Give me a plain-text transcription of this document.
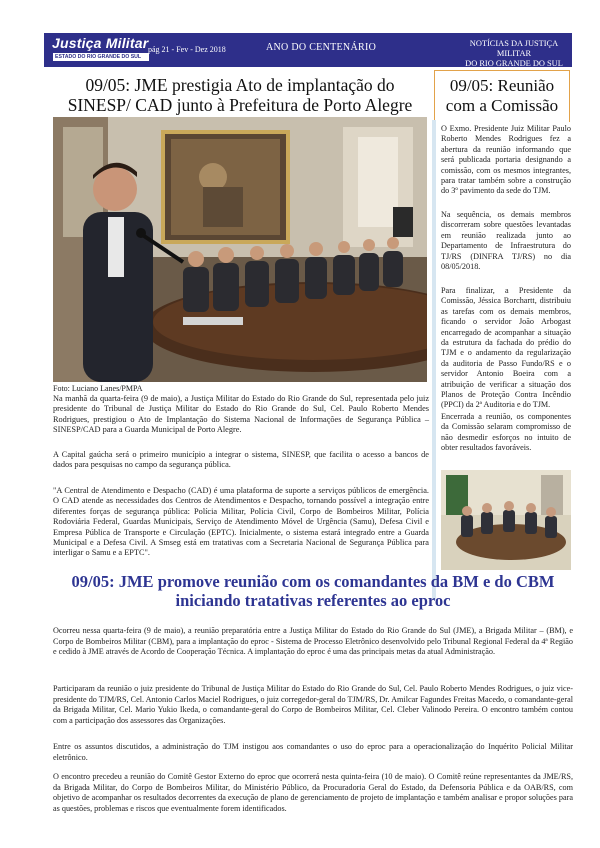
Justiça Militar
ESTADO DO RIO GRANDE DO SUL
pág 21 - Fev - Dez 2018	ANO DO CENTENÁRIO	NOTÍCIAS DA JUSTIÇA MILITAR
DO RIO GRANDE DO SUL
09/05: JME prestigia Ato de implantação do SINESP/ CAD junto à Prefeitura de Porto Alegre
Foto: Luciano Lanes/PMPA
Na manhã da quarta-feira (9 de maio), a Justiça Militar do Estado do Rio Grande do Sul, representada pelo juiz presidente do Tribunal de Justiça Militar do Estado do Rio Grande do Sul, Cel. Paulo Roberto Mendes Rodrigues, prestigiou o Ato de Implantação do Sistema Nacional de Informações de Segurança Pública – SINESP/CAD para a Guarda Municipal de Porto Alegre.
A Capital gaúcha será o primeiro município a integrar o sistema, SINESP, que facilita o acesso a bancos de dados para pesquisas no campo da segurança pública.
"A Central de Atendimento e Despacho (CAD) é uma plataforma de suporte a serviços públicos de emergência. O CAD atende as necessidades dos Centros de Atendimentos e Despacho, tornando possível a integração entre diferentes forças de segurança pública: Polícia Militar, Polícia Civil, Corpo de Bombeiros Militar, Polícia Rodoviária Federal, Guardas Municipais, Serviço de Atendimento Móvel de Urgência (Samu), Defesa Civil e Empresa Pública de Transporte e Circulação (EPTC). Inicialmente, o sistema estará integrado entre a Guarda Municipal e a Defesa Civil. A Smseg está em tratativas com a Secretaria Nacional de Segurança Pública para interligar o Samu e a EPTC".
09/05: Reunião com a Comissão
O Exmo. Presidente Juiz Militar Paulo Roberto Mendes Rodrigues fez a abertura da reunião informando que será publicada portaria designando a comissão, com os mesmos integrantes, para tratar também sobre a construção do 3º pavimento da sede do TJM.
Na sequência, os demais membros discorreram sobre questões levantadas em reunião realizada junto ao Departamento de Infraestrutura do TJ/RS (DINFRA TJ/RS) no dia 08/05/2018.
Para finalizar, a Presidente da Comissão, Jéssica Borchartt, distribuiu as tarefas com os demais membros, ficando o servidor João Arbogast encarregado de acompanhar a situação da estrutura da fachada do prédio do TJM e o andamento da regularização da auditoria de Passo Fundo/RS e o servidor Antonio Boeira com a atribuição de verificar a situação dos Planos de Proteção Contra Incêndio (PPCI) da 2ª Auditoria e do TJM.
Encerrada a reunião, os componentes da Comissão selaram compromisso de não desmedir esforços no intuito de obter resultados favoráveis.
09/05: JME promove reunião com os comandantes da BM e do CBM iniciando tratativas referentes ao eproc
Ocorreu nessa quarta-feira (9 de maio), a reunião preparatória entre a Justiça Militar do Estado do Rio Grande do Sul (JME), a Brigada Militar – (BM), e Corpo de Bombeiros Militar (CBM), para a implantação do eproc - Sistema de Processo Eletrônico desenvolvido pelo Tribunal Regional Federal da 4ª Região e cedido à JME através de Acordo de Cooperação Técnica. A implantação do eproc é uma das principais metas da atual Administração.
Participaram da reunião o juiz presidente do Tribunal de Justiça Militar do Estado do Rio Grande do Sul, Cel. Paulo Roberto Mendes Rodrigues, o juiz vice-presidente do TJM/RS, Cel. Antonio Carlos Maciel Rodrigues, o juiz corregedor-geral do TJM/RS, Dr. Amilcar Fagundes Freitas Macedo, o comandante-geral da Brigada Militar, Cel. Mario Yukio Ikeda, o comandante-geral do Corpo de Bombeiros Militar, Cel. Cleber Valinodo Pereira. O encontro também contou com a participação dos assessores das Organizações.
Entre os assuntos discutidos, a administração do TJM instigou aos comandantes o uso do eproc para a operacionalização do Inquérito Policial Militar eletrônico.
O encontro precedeu a reunião do Comitê Gestor Externo do eproc que ocorrerá nesta quinta-feira (10 de maio). O Comitê reúne representantes da JME/RS, da Brigada Militar, do Corpo de Bombeiros Militar, do Ministério Público, da Procuradoria Geral do Estado, da Defensoria Pública e da OAB/RS, com objetivo de acompanhar os resultados decorrentes da execução de plano de gerenciamento de projeto de implantação e também analisar e propor soluções para as questões, problemas e riscos que eventualmente forem identificados.
